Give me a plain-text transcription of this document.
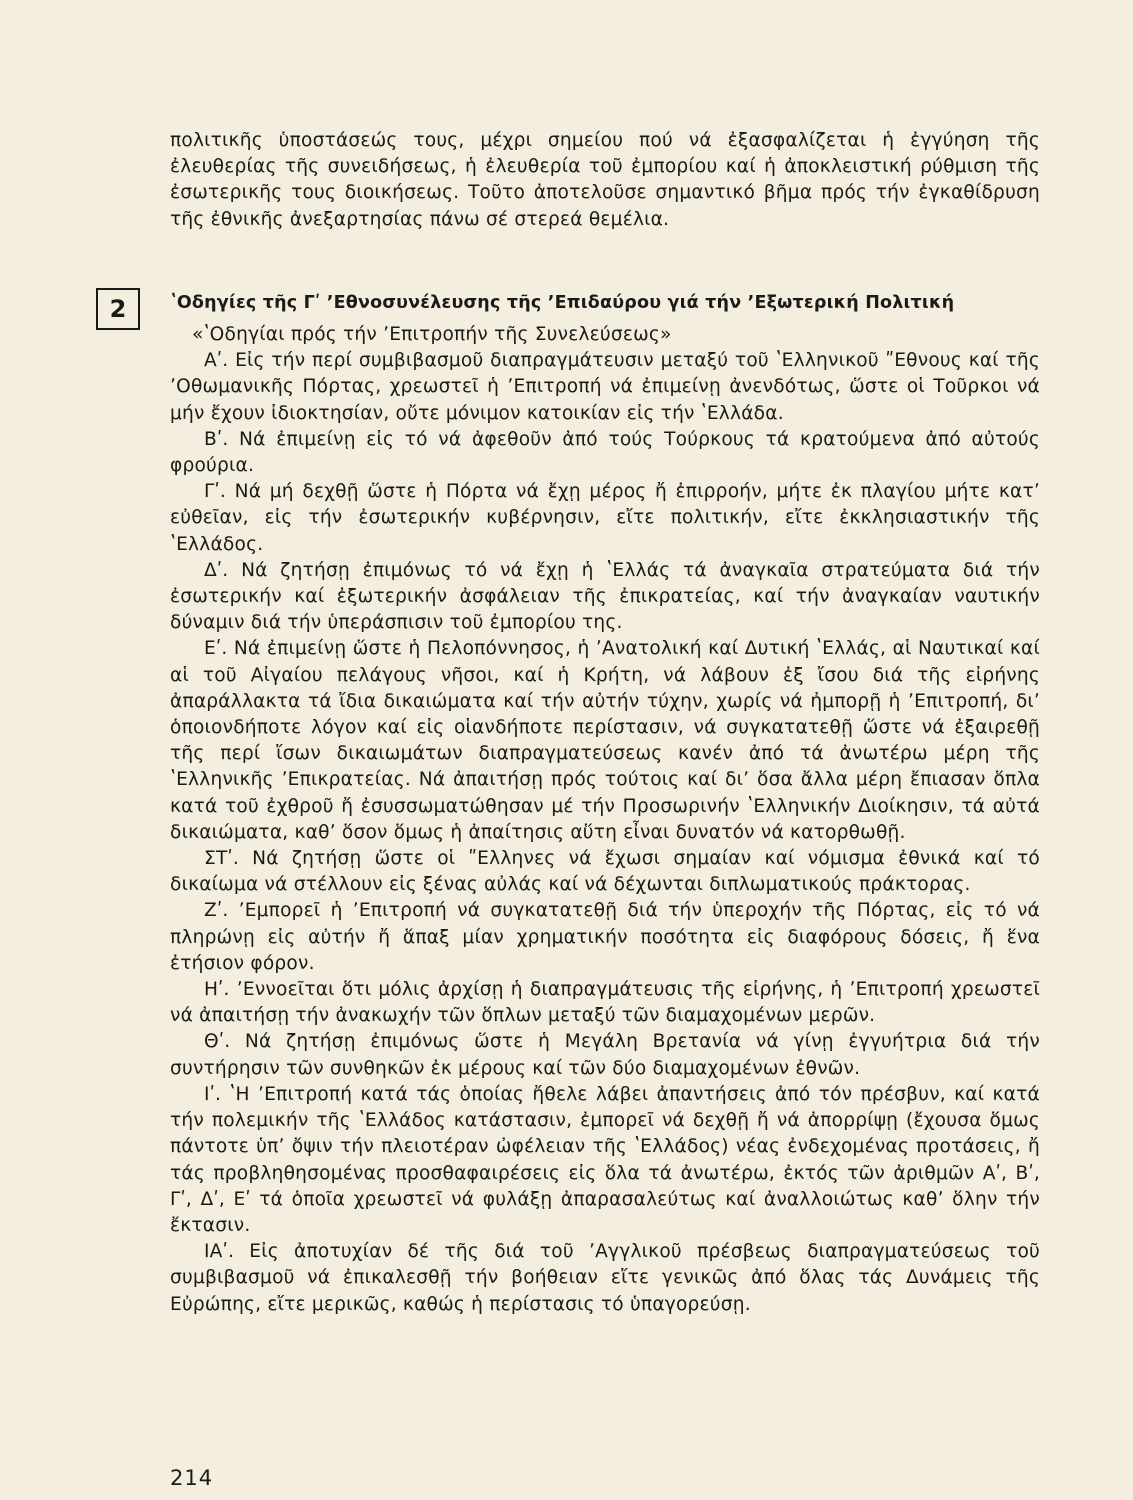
πολιτικῆς ὑποστάσεώς τους, μέχρι σημείου πού νά ἐξασφαλίζεται ἡ ἐγγύηση τῆς ἐλευθερίας τῆς συνειδήσεως, ἡ ἐλευθερία τοῦ ἐμπορίου καί ἡ ἀποκλειστική ρύθμιση τῆς ἐσωτερικῆς τους διοικήσεως. Τοῦτο ἀποτελοῦσε σημαντικό βῆμα πρός τήν ἐγκαθίδρυση τῆς ἐθνικῆς ἀνεξαρτησίας πάνω σέ στερεά θεμέλια.

2	ʽΟδηγίες τῆς Γʹ ʼΕθνοσυνέλευσης τῆς ʼΕπιδαύρου γιά τήν ʼΕξωτερική Πολιτική

«ʽΟδηγίαι πρός τήν ʼΕπιτροπήν τῆς Συνελεύσεως»

Αʹ. Εἰς τήν περί συμβιβασμοῦ διαπραγμάτευσιν μεταξύ τοῦ ʽΕλληνικοῦ ʺΕθνους καί τῆς ʼΟθωμανικῆς Πόρτας, χρεωστεῖ ἡ ʼΕπιτροπή νά ἐπιμείνῃ ἀνενδότως, ὥστε οἱ Τοῦρκοι νά μήν ἔχουν ἰδιοκτησίαν, οὔτε μόνιμον κατοικίαν εἰς τήν ʽΕλλάδα.

Βʹ. Νά ἐπιμείνῃ εἰς τό νά ἀφεθοῦν ἀπό τούς Τούρκους τά κρατούμενα ἀπό αὐτούς φρούρια.

Γʹ. Νά μή δεχθῇ ὥστε ἡ Πόρτα νά ἔχῃ μέρος ἤ ἐπιρροήν, μήτε ἐκ πλαγίου μήτε κατʼ εὐθεῖαν, εἰς τήν ἐσωτερικήν κυβέρνησιν, εἴτε πολιτικήν, εἴτε ἐκκλησιαστικήν τῆς ʽΕλλάδος.

Δʹ. Νά ζητήσῃ ἐπιμόνως τό νά ἔχῃ ἡ ʽΕλλάς τά ἀναγκαῖα στρατεύματα διά τήν ἐσωτερικήν καί ἐξωτερικήν ἀσφάλειαν τῆς ἐπικρατείας, καί τήν ἀναγκαίαν ναυτικήν δύναμιν διά τήν ὑπεράσπισιν τοῦ ἐμπορίου της.

Εʹ. Νά ἐπιμείνῃ ὥστε ἡ Πελοπόννησος, ἡ ʼΑνατολική καί Δυτική ʽΕλλάς, αἱ Ναυτικαί καί αἱ τοῦ Αἰγαίου πελάγους νῆσοι, καί ἡ Κρήτη, νά λάβουν ἐξ ἴσου διά τῆς εἰρήνης ἀπαράλλακτα τά ἴδια δικαιώματα καί τήν αὐτήν τύχην, χωρίς νά ἠμπορῇ ἡ ʼΕπιτροπή, διʼ ὁποιονδήποτε λόγον καί εἰς οἱανδήποτε περίστασιν, νά συγκατατεθῇ ὥστε νά ἐξαιρεθῇ τῆς περί ἴσων δικαιωμάτων διαπραγματεύσεως κανέν ἀπό τά ἀνωτέρω μέρη τῆς ʽΕλληνικῆς ʼΕπικρατείας. Νά ἀπαιτήσῃ πρός τούτοις καί διʼ ὅσα ἄλλα μέρη ἔπιασαν ὅπλα κατά τοῦ ἐχθροῦ ἤ ἐσυσσωματώθησαν μέ τήν Προσωρινήν ʽΕλληνικήν Διοίκησιν, τά αὐτά δικαιώματα, καθʼ ὅσον ὅμως ἡ ἀπαίτησις αὕτη εἶναι δυνατόν νά κατορθωθῇ.

ΣΤʹ. Νά ζητήσῃ ὥστε οἱ ʺΕλληνες νά ἔχωσι σημαίαν καί νόμισμα ἐθνικά καί τό δικαίωμα νά στέλλουν εἰς ξένας αὐλάς καί νά δέχωνται διπλωματικούς πράκτορας.

Ζʹ. ʼΕμπορεῖ ἡ ʼΕπιτροπή νά συγκατατεθῇ διά τήν ὑπεροχήν τῆς Πόρτας, εἰς τό νά πληρώνῃ εἰς αὐτήν ἤ ἅπαξ μίαν χρηματικήν ποσότητα εἰς διαφόρους δόσεις, ἤ ἕνα ἐτήσιον φόρον.

Ηʹ. ʼΕννοεῖται ὅτι μόλις ἀρχίσῃ ἡ διαπραγμάτευσις τῆς εἰρήνης, ἡ ʼΕπιτροπή χρεωστεῖ νά ἀπαιτήσῃ τήν ἀνακωχήν τῶν ὅπλων μεταξύ τῶν διαμαχομένων μερῶν.

Θʹ. Νά ζητήσῃ ἐπιμόνως ὥστε ἡ Μεγάλη Βρετανία νά γίνῃ ἐγγυήτρια διά τήν συντήρησιν τῶν συνθηκῶν ἐκ μέρους καί τῶν δύο διαμαχομένων ἐθνῶν.

Ιʹ. ʽΗ ʼΕπιτροπή κατά τάς ὁποίας ἤθελε λάβει ἀπαντήσεις ἀπό τόν πρέσβυν, καί κατά τήν πολεμικήν τῆς ʽΕλλάδος κατάστασιν, ἐμπορεῖ νά δεχθῇ ἤ νά ἀπορρίψῃ (ἔχουσα ὅμως πάντοτε ὑπʼ ὄψιν τήν πλειοτέραν ὠφέλειαν τῆς ʽΕλλάδος) νέας ἐνδεχομένας προτάσεις, ἤ τάς προβληθησομένας προσθαφαιρέσεις εἰς ὅλα τά ἀνωτέρω, ἐκτός τῶν ἀριθμῶν Αʹ, Βʹ, Γʹ, Δʹ, Εʹ τά ὁποῖα χρεωστεῖ νά φυλάξῃ ἀπαρασαλεύτως καί ἀναλλοιώτως καθʼ ὅλην τήν ἔκτασιν.

ΙΑʹ. Εἰς ἀποτυχίαν δέ τῆς διά τοῦ ʼΑγγλικοῦ πρέσβεως διαπραγματεύσεως τοῦ συμβιβασμοῦ νά ἐπικαλεσθῇ τήν βοήθειαν εἴτε γενικῶς ἀπό ὅλας τάς Δυνάμεις τῆς Εὐρώπης, εἴτε μερικῶς, καθώς ἡ περίστασις τό ὑπαγορεύσῃ.

214
